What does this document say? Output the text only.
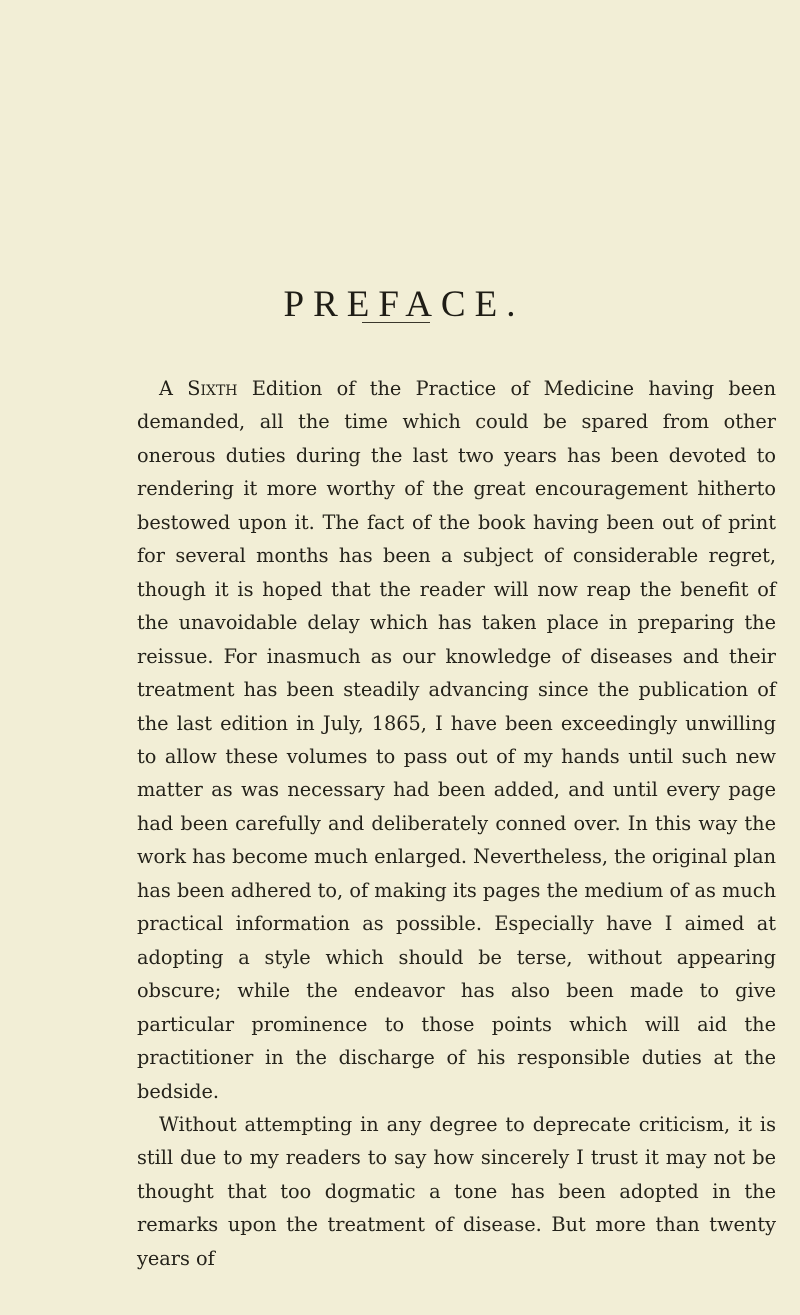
PREFACE.

A Sixth Edition of the Practice of Medicine having been demanded, all the time which could be spared from other onerous duties during the last two years has been devoted to rendering it more worthy of the great encouragement hitherto bestowed upon it. The fact of the book having been out of print for several months has been a subject of considerable regret, though it is hoped that the reader will now reap the benefit of the unavoidable delay which has taken place in preparing the reissue. For inasmuch as our knowledge of diseases and their treatment has been steadily advancing since the publication of the last edition in July, 1865, I have been exceedingly unwilling to allow these volumes to pass out of my hands until such new matter as was necessary had been added, and until every page had been carefully and deliberately conned over. In this way the work has become much enlarged. Nevertheless, the original plan has been adhered to, of making its pages the medium of as much practical information as possible. Especially have I aimed at adopting a style which should be terse, without appearing obscure; while the endeavor has also been made to give particular prominence to those points which will aid the practitioner in the discharge of his responsible duties at the bedside.

Without attempting in any degree to deprecate criticism, it is still due to my readers to say how sincerely I trust it may not be thought that too dogmatic a tone has been adopted in the remarks upon the treatment of disease. But more than twenty years of
